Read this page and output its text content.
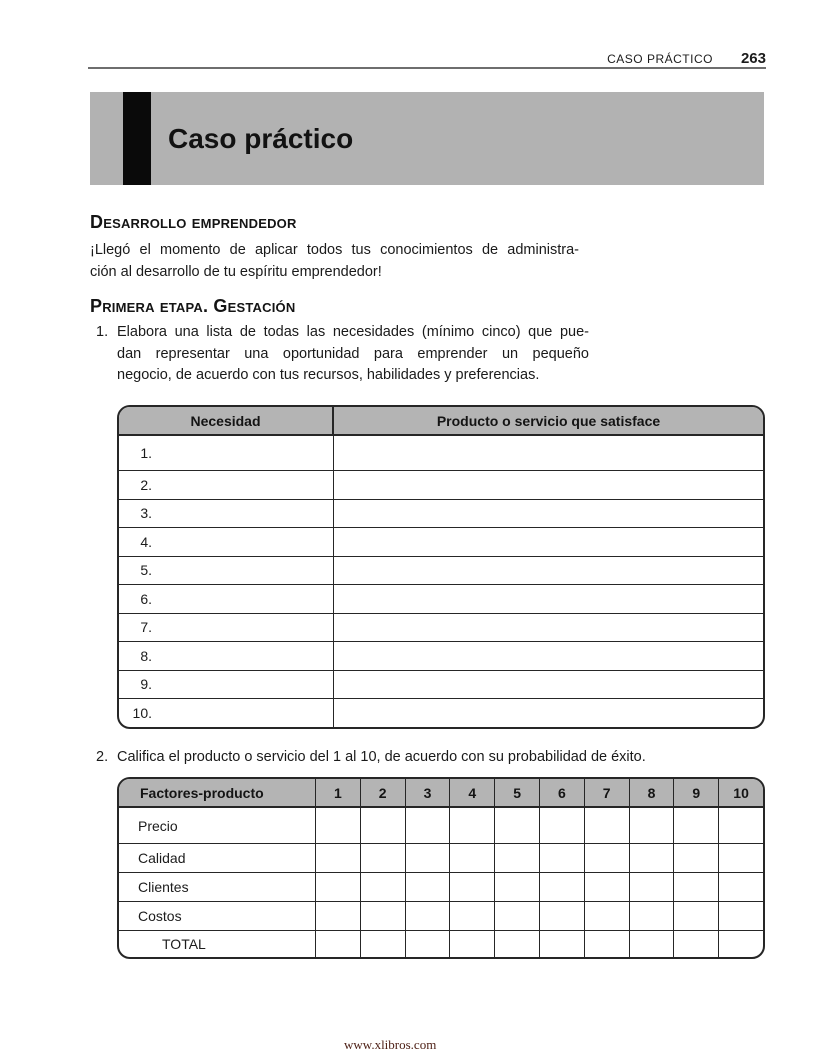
CASO PRÁCTICO 263
Caso práctico
Desarrollo emprendedor
¡Llegó el momento de aplicar todos tus conocimientos de administra-
ción al desarrollo de tu espíritu emprendedor!
Primera etapa. Gestación
1. Elabora una lista de todas las necesidades (mínimo cinco) que pue-
dan representar una oportunidad para emprender un pequeño
negocio, de acuerdo con tus recursos, habilidades y preferencias.
Necesidad	Producto o servicio que satisface
1.
2.
3.
4.
5.
6.
7.
8.
9.
10.
2. Califica el producto o servicio del 1 al 10, de acuerdo con su probabilidad de éxito.
Factores-producto	1	2	3	4	5	6	7	8	9	10
Precio
Calidad
Clientes
Costos
TOTAL
www.xlibros.com
